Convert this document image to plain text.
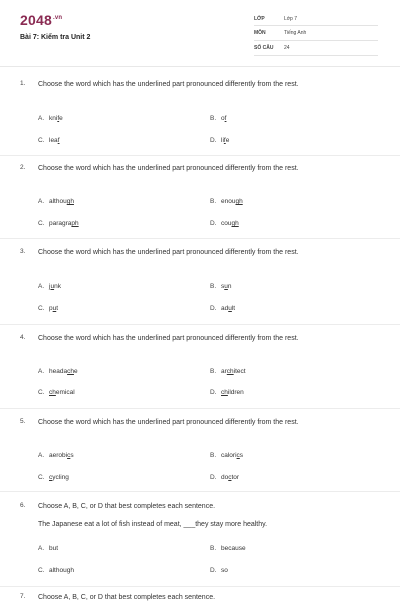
$2048^{.vn}$
Bài 7: Kiểm tra Unit 2
LỚP	Lớp 7
MÔN	Tiếng Anh
SỐ CÂU 24
1. Choose the word which has the underlined part pronounced differently from the rest.
A. knife	B. of
C. leaf	D. life
2. Choose the word which has the underlined part pronounced differently from the rest.
A. although	B. enough
C. paragraph	D. cough
3. Choose the word which has the underlined part pronounced differently from the rest.
A. junk	B. sun
C. put	D. adult
4. Choose the word which has the underlined part pronounced differently from the rest.
A. headache	B. architect
C. chemical	D. children
5. Choose the word which has the underlined part pronounced differently from the rest.
A. aerobics	B. calorics
C. cycling	D. doctor
6. Choose A, B, C, or D that best completes each sentence.
The Japanese eat a lot of fish instead of meat, ___they stay more healthy.
A. but	B. because
C. although	D. so
7. Choose A, B, C, or D that best completes each sentence.
